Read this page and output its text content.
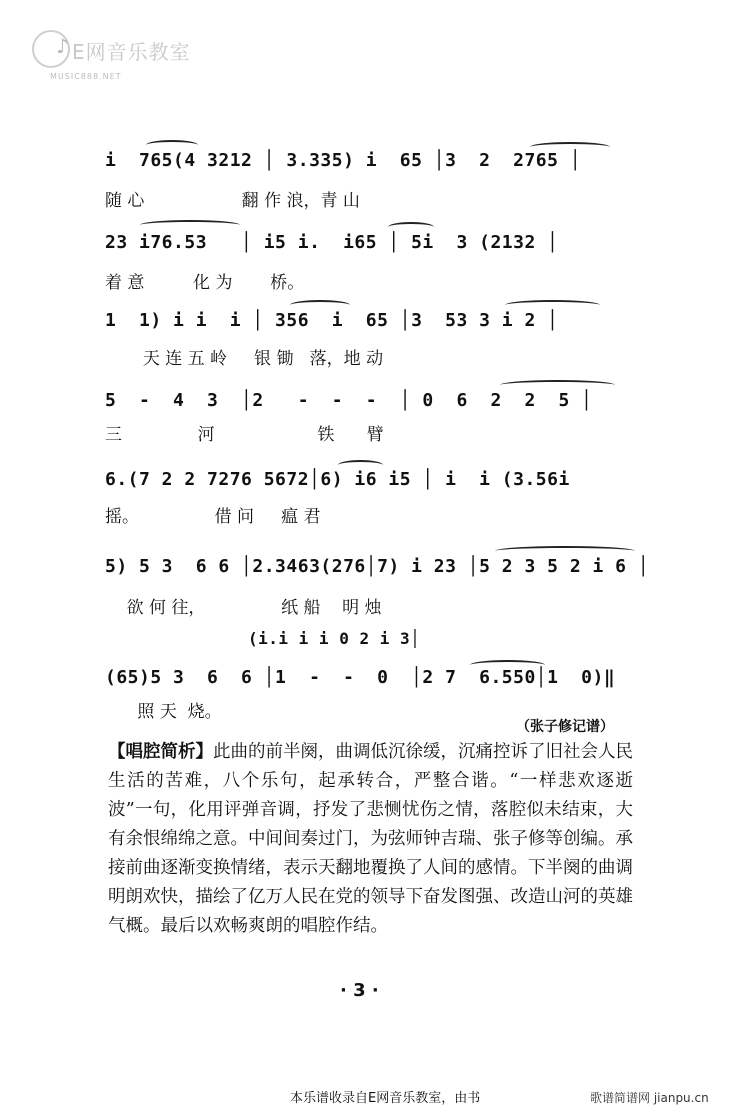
♪ E网音乐教室
MUSIC888.NET
i  765(4 3212 │ 3.335) i  65 │3  2  2765 │
随 心                  翻 作 浪，青 山
23 i76.53   │ i5 i.  i65 │ 5i  3 (2132 │
着 意         化 为       桥。
1  1) i i  i │ 356  i  65 │3  53 3 i 2 │
天 连 五 岭     银 锄   落，地 动
5  -  4  3  │2   -  -  -  │ 0  6  2  2  5 │
三              河                   铁      臂
6.(7 2 2 7276 5672│6) i6 i5 │ i  i (3.56i
摇。              借 问     瘟 君
5) 5 3  6 6 │2.3463(276│7) i 23 │5 2 3 5 2 i 6 │
欲 何 往，              纸 船    明 烛
(i.i i i 0 2 i 3│
(65)5 3  6  6 │1  -  -  0  │2 7  6.550│1  0)‖
照 天  烧。
（张子修记谱）
【唱腔简析】此曲的前半阕，曲调低沉徐缓，沉痛控诉了旧社会人民生活的苦难，八个乐句，起承转合，严整合谐。“一样悲欢逐逝波”一句，化用评弹音调，抒发了悲恻忧伤之情，落腔似未结束，大有余恨绵绵之意。中间间奏过门，为弦师钟吉瑞、张子修等创编。承接前曲逐渐变换情绪，表示天翻地覆换了人间的感情。下半阕的曲调明朗欢快，描绘了亿万人民在党的领导下奋发图强、改造山河的英雄气概。最后以欢畅爽朗的唱腔作结。
· 3 ·
本乐谱收录自E网音乐教室，由书	歌谱简谱网 jianpu.cn
